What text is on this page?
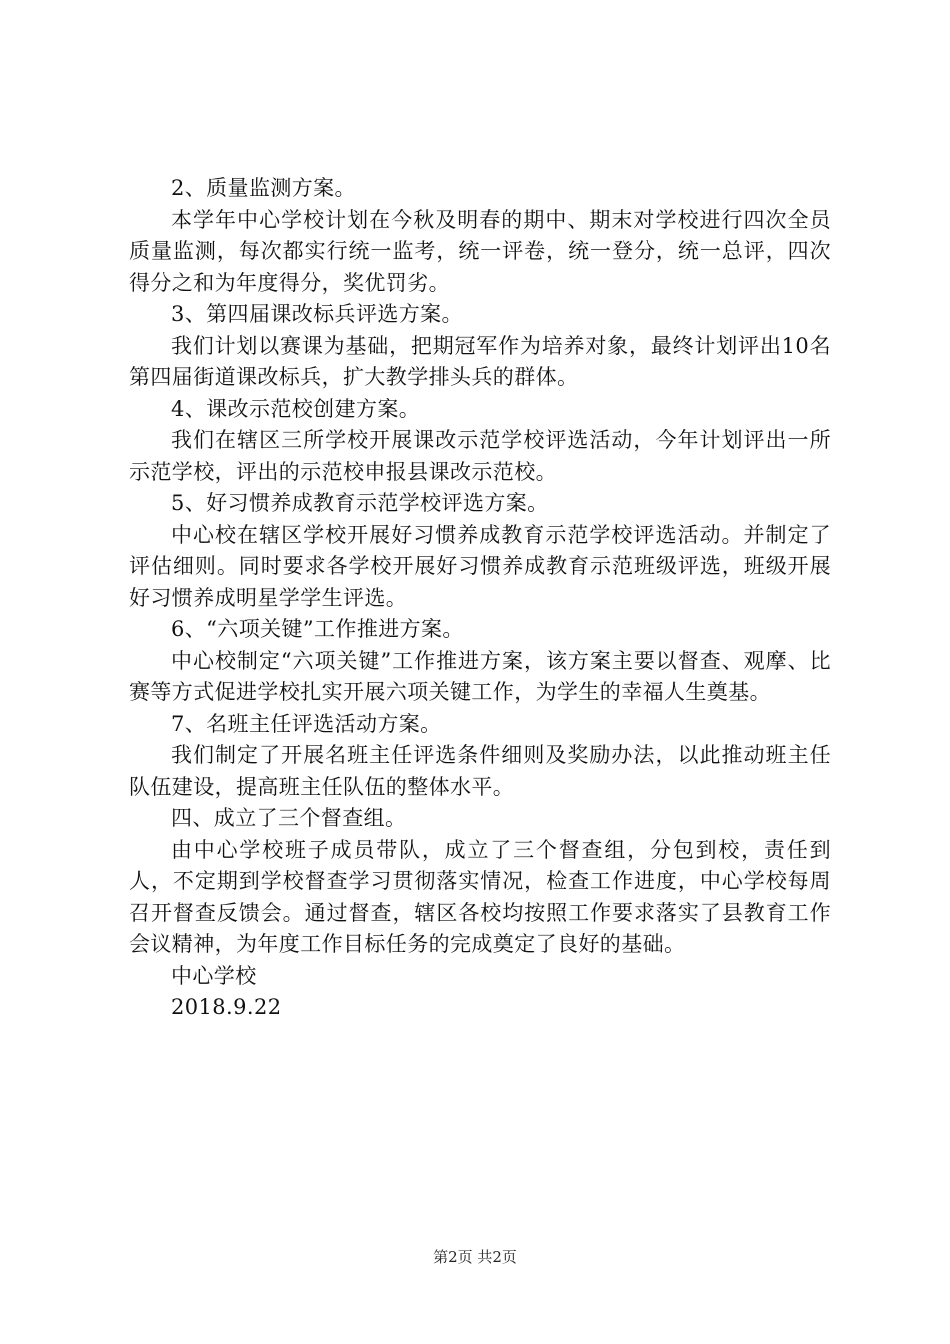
2、质量监测方案。

本学年中心学校计划在今秋及明春的期中、期末对学校进行四次全员质量监测，每次都实行统一监考，统一评卷，统一登分，统一总评，四次得分之和为年度得分，奖优罚劣。

3、第四届课改标兵评选方案。

我们计划以赛课为基础，把期冠军作为培养对象，最终计划评出10名第四届街道课改标兵，扩大教学排头兵的群体。

4、课改示范校创建方案。

我们在辖区三所学校开展课改示范学校评选活动，今年计划评出一所示范学校，评出的示范校申报县课改示范校。

5、好习惯养成教育示范学校评选方案。

中心校在辖区学校开展好习惯养成教育示范学校评选活动。并制定了评估细则。同时要求各学校开展好习惯养成教育示范班级评选，班级开展好习惯养成明星学学生评选。

6、“六项关键”工作推进方案。

中心校制定“六项关键”工作推进方案，该方案主要以督查、观摩、比赛等方式促进学校扎实开展六项关键工作，为学生的幸福人生奠基。

7、名班主任评选活动方案。

我们制定了开展名班主任评选条件细则及奖励办法，以此推动班主任队伍建设，提高班主任队伍的整体水平。

四、成立了三个督查组。

由中心学校班子成员带队，成立了三个督查组，分包到校，责任到人，不定期到学校督查学习贯彻落实情况，检查工作进度，中心学校每周召开督查反馈会。通过督查，辖区各校均按照工作要求落实了县教育工作会议精神，为年度工作目标任务的完成奠定了良好的基础。

中心学校

2018.9.22

第2页 共2页
